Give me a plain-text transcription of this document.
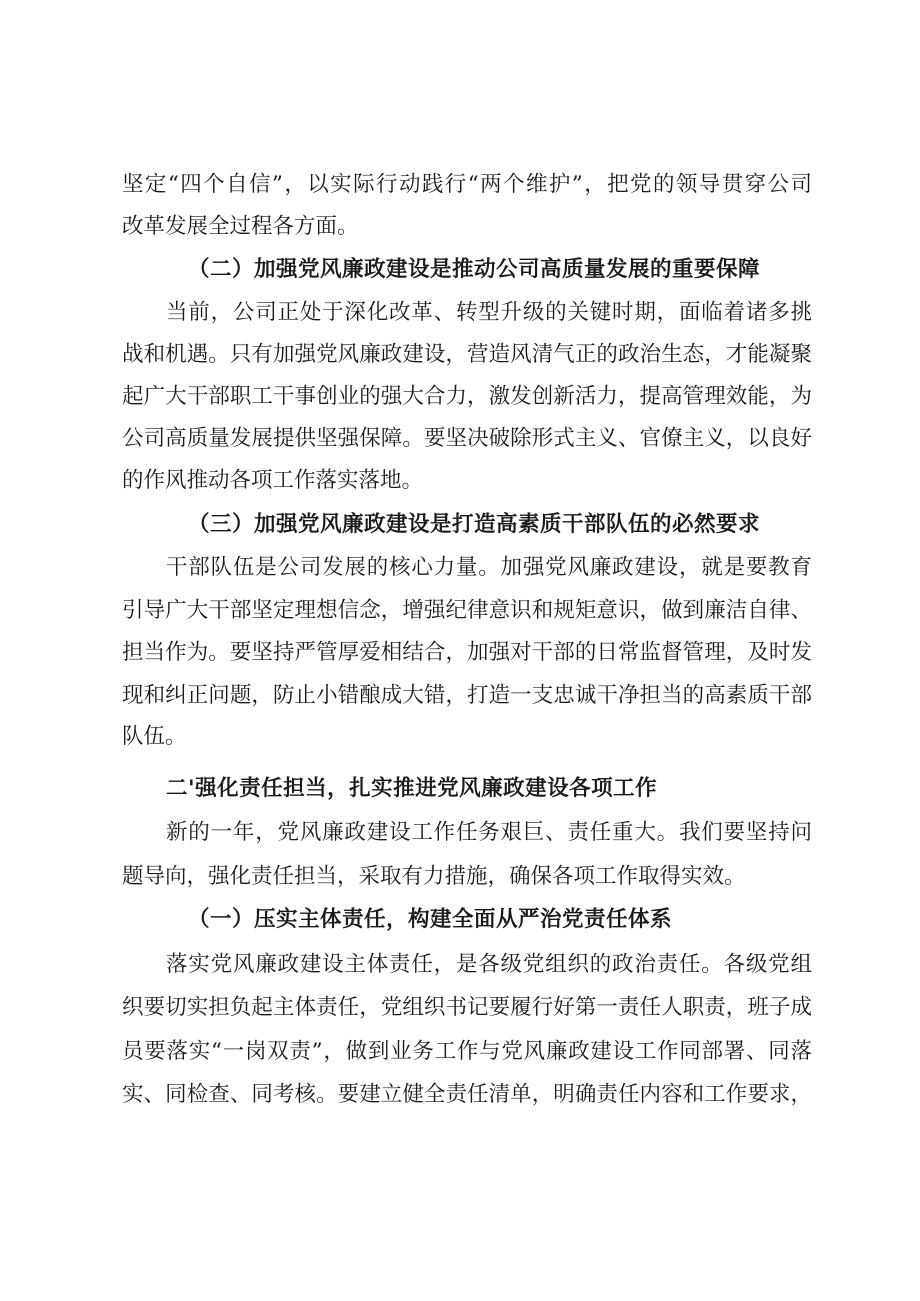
坚定“四个自信”，以实际行动践行“两个维护”，把党的领导贯穿公司
改革发展全过程各方面。
（二）加强党风廉政建设是推动公司高质量发展的重要保障
当前，公司正处于深化改革、转型升级的关键时期，面临着诸多挑
战和机遇。只有加强党风廉政建设，营造风清气正的政治生态，才能凝聚
起广大干部职工干事创业的强大合力，激发创新活力，提高管理效能，为
公司高质量发展提供坚强保障。要坚决破除形式主义、官僚主义，以良好
的作风推动各项工作落实落地。
（三）加强党风廉政建设是打造高素质干部队伍的必然要求
干部队伍是公司发展的核心力量。加强党风廉政建设，就是要教育
引导广大干部坚定理想信念，增强纪律意识和规矩意识，做到廉洁自律、
担当作为。要坚持严管厚爱相结合，加强对干部的日常监督管理，及时发
现和纠正问题，防止小错酿成大错，打造一支忠诚干净担当的高素质干部
队伍。
二'强化责任担当，扎实推进党风廉政建设各项工作
新的一年，党风廉政建设工作任务艰巨、责任重大。我们要坚持问
题导向，强化责任担当，采取有力措施，确保各项工作取得实效。
（一）压实主体责任，构建全面从严治党责任体系
落实党风廉政建设主体责任，是各级党组织的政治责任。各级党组
织要切实担负起主体责任，党组织书记要履行好第一责任人职责，班子成
员要落实“一岗双责”，做到业务工作与党风廉政建设工作同部署、同落
实、同检查、同考核。要建立健全责任清单，明确责任内容和工作要求，
